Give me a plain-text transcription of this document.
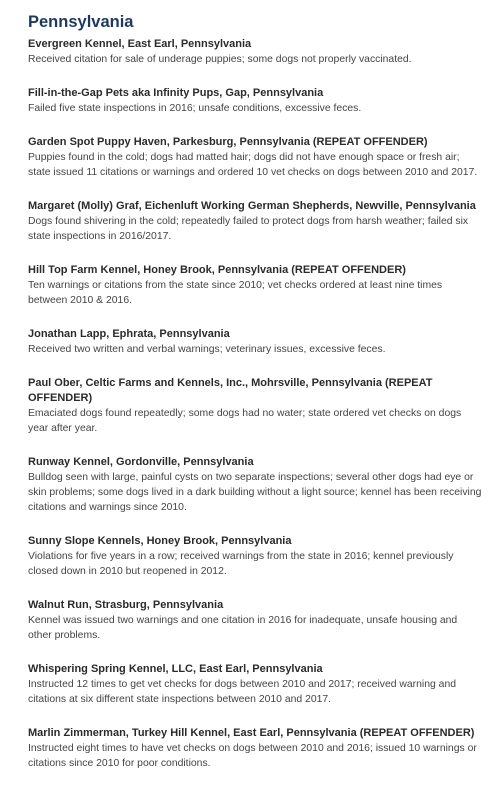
Pennsylvania

Evergreen Kennel, East Earl, Pennsylvania

Received citation for sale of underage puppies; some dogs not properly vaccinated.

Fill-in-the-Gap Pets aka Infinity Pups, Gap, Pennsylvania

Failed five state inspections in 2016; unsafe conditions, excessive feces.

Garden Spot Puppy Haven, Parkesburg, Pennsylvania (REPEAT OFFENDER)

Puppies found in the cold; dogs had matted hair; dogs did not have enough space or fresh air; state issued 11 citations or warnings and ordered 10 vet checks on dogs between 2010 and 2017.

Margaret (Molly) Graf, Eichenluft Working German Shepherds, Newville, Pennsylvania

Dogs found shivering in the cold; repeatedly failed to protect dogs from harsh weather; failed six state inspections in 2016/2017.

Hill Top Farm Kennel, Honey Brook, Pennsylvania (REPEAT OFFENDER)

Ten warnings or citations from the state since 2010; vet checks ordered at least nine times between 2010 & 2016.

Jonathan Lapp, Ephrata, Pennsylvania

Received two written and verbal warnings; veterinary issues, excessive feces.

Paul Ober, Celtic Farms and Kennels, Inc., Mohrsville, Pennsylvania (REPEAT OFFENDER)

Emaciated dogs found repeatedly; some dogs had no water; state ordered vet checks on dogs year after year.

Runway Kennel, Gordonville, Pennsylvania

Bulldog seen with large, painful cysts on two separate inspections; several other dogs had eye or skin problems; some dogs lived in a dark building without a light source; kennel has been receiving citations and warnings since 2010.

Sunny Slope Kennels, Honey Brook, Pennsylvania

Violations for five years in a row; received warnings from the state in 2016; kennel previously closed down in 2010 but reopened in 2012.

Walnut Run, Strasburg, Pennsylvania

Kennel was issued two warnings and one citation in 2016 for inadequate, unsafe housing and other problems.

Whispering Spring Kennel, LLC, East Earl, Pennsylvania

Instructed 12 times to get vet checks for dogs between 2010 and 2017; received warning and citations at six different state inspections between 2010 and 2017.

Marlin Zimmerman, Turkey Hill Kennel, East Earl, Pennsylvania (REPEAT OFFENDER)

Instructed eight times to have vet checks on dogs between 2010 and 2016; issued 10 warnings or citations since 2010 for poor conditions.
